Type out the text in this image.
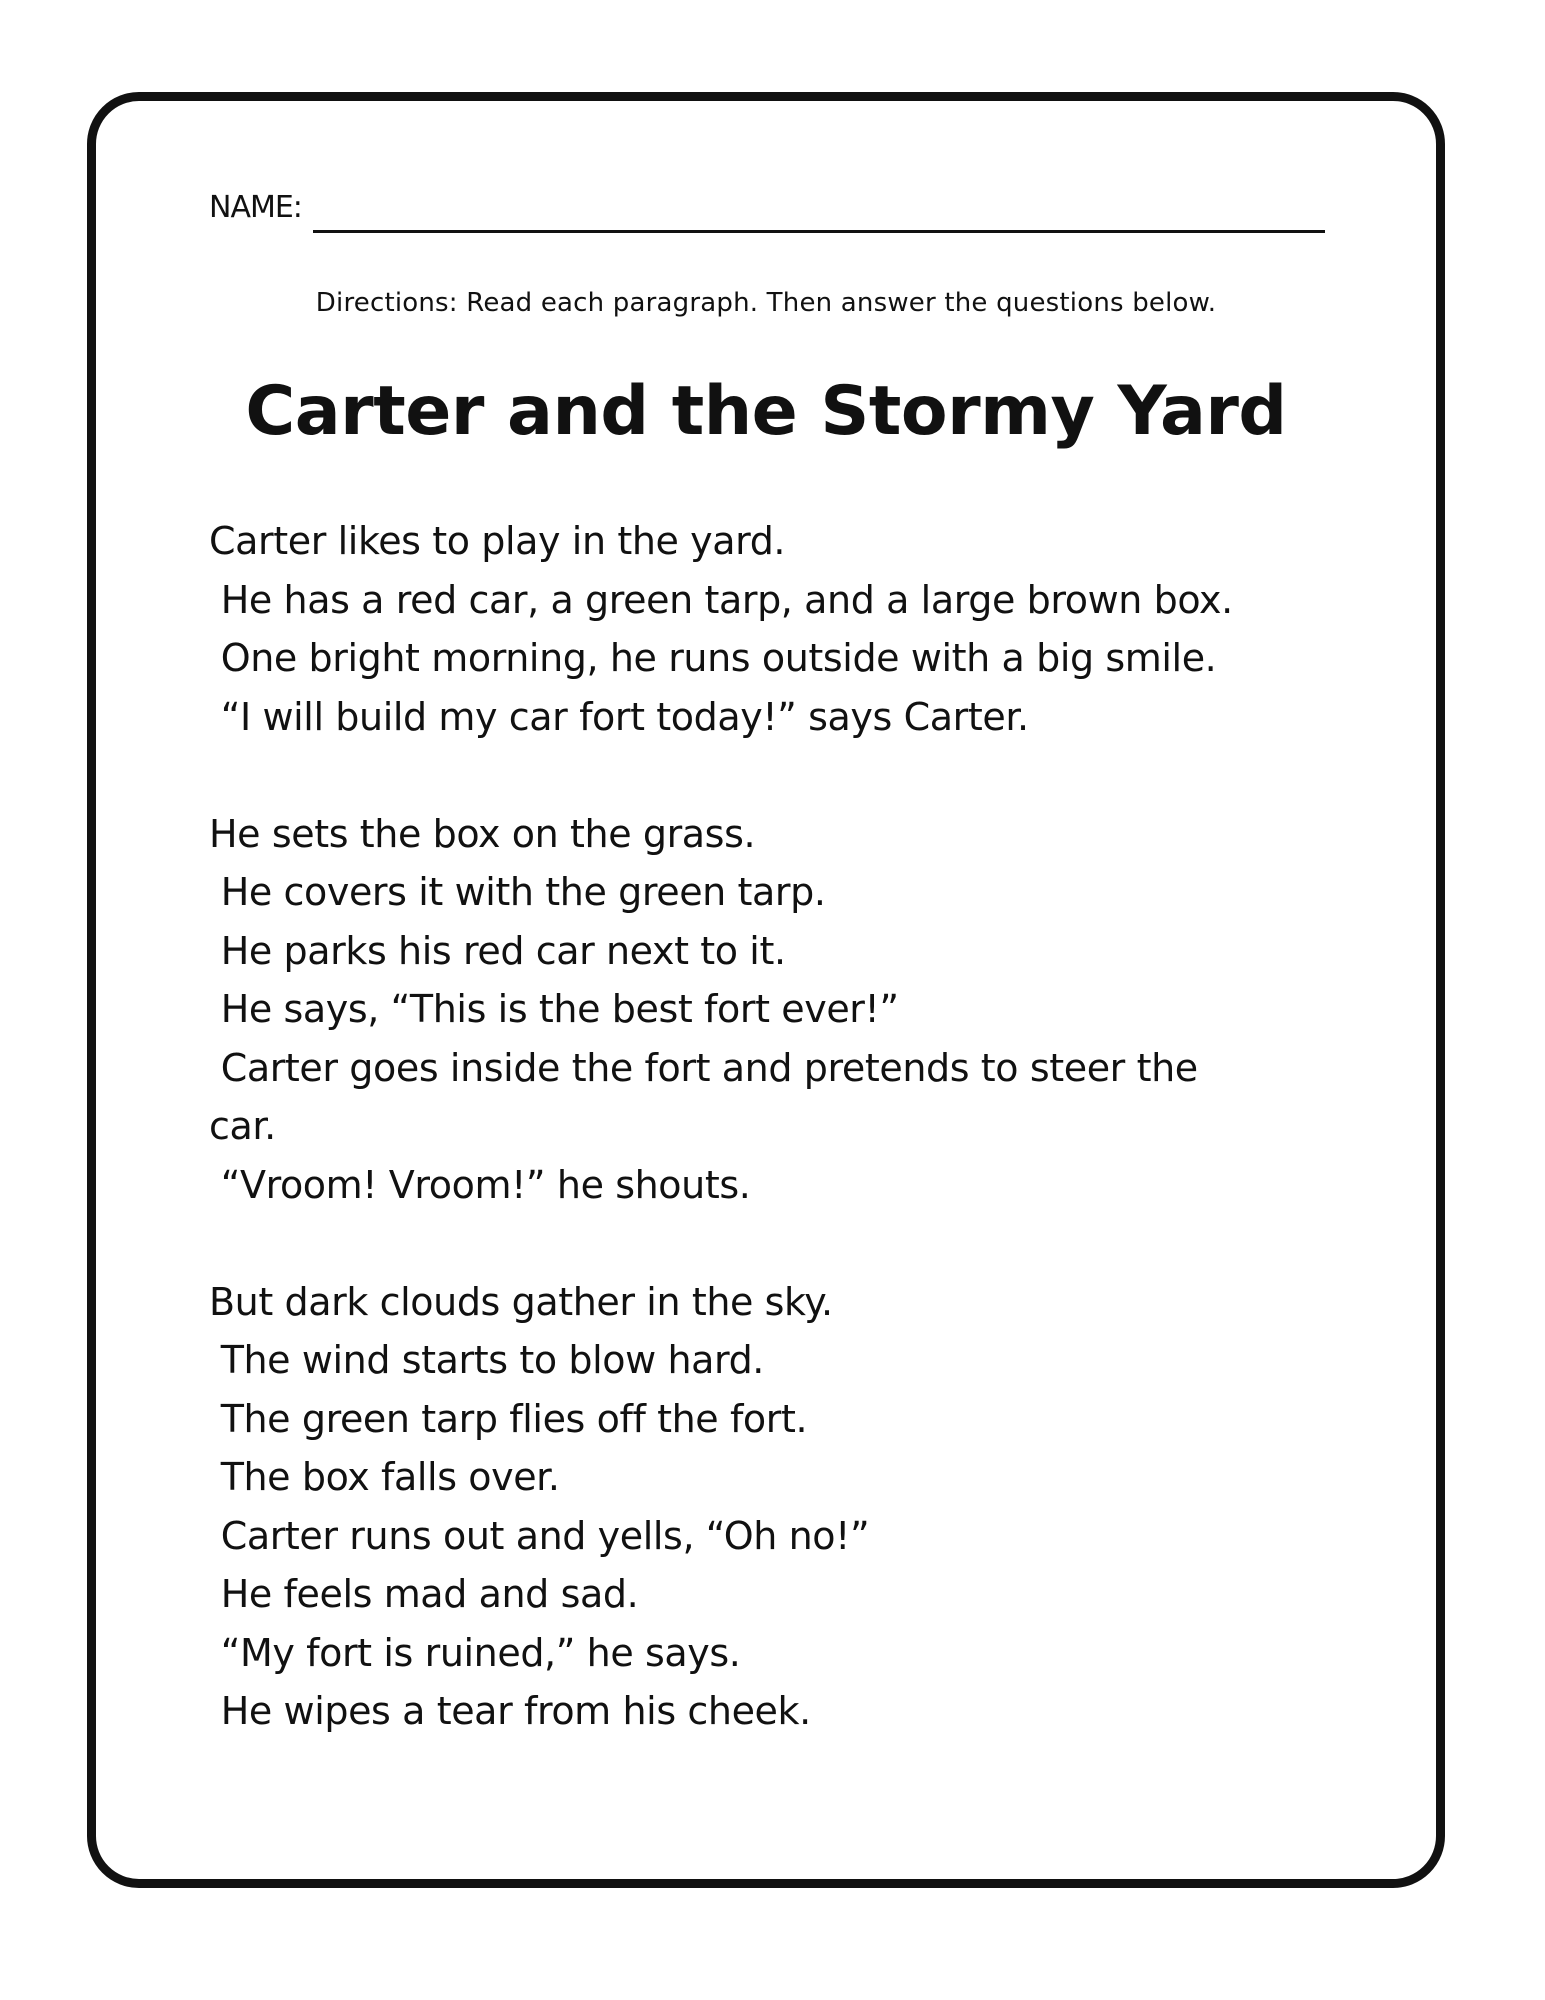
NAME:
Directions: Read each paragraph. Then answer the questions below.
Carter and the Stormy Yard
Carter likes to play in the yard.
He has a red car, a green tarp, and a large brown box.
One bright morning, he runs outside with a big smile.
“I will build my car fort today!” says Carter.
He sets the box on the grass.
He covers it with the green tarp.
He parks his red car next to it.
He says, “This is the best fort ever!”
Carter goes inside the fort and pretends to steer the
car.
“Vroom! Vroom!” he shouts.
But dark clouds gather in the sky.
The wind starts to blow hard.
The green tarp flies off the fort.
The box falls over.
Carter runs out and yells, “Oh no!”
He feels mad and sad.
“My fort is ruined,” he says.
He wipes a tear from his cheek.
